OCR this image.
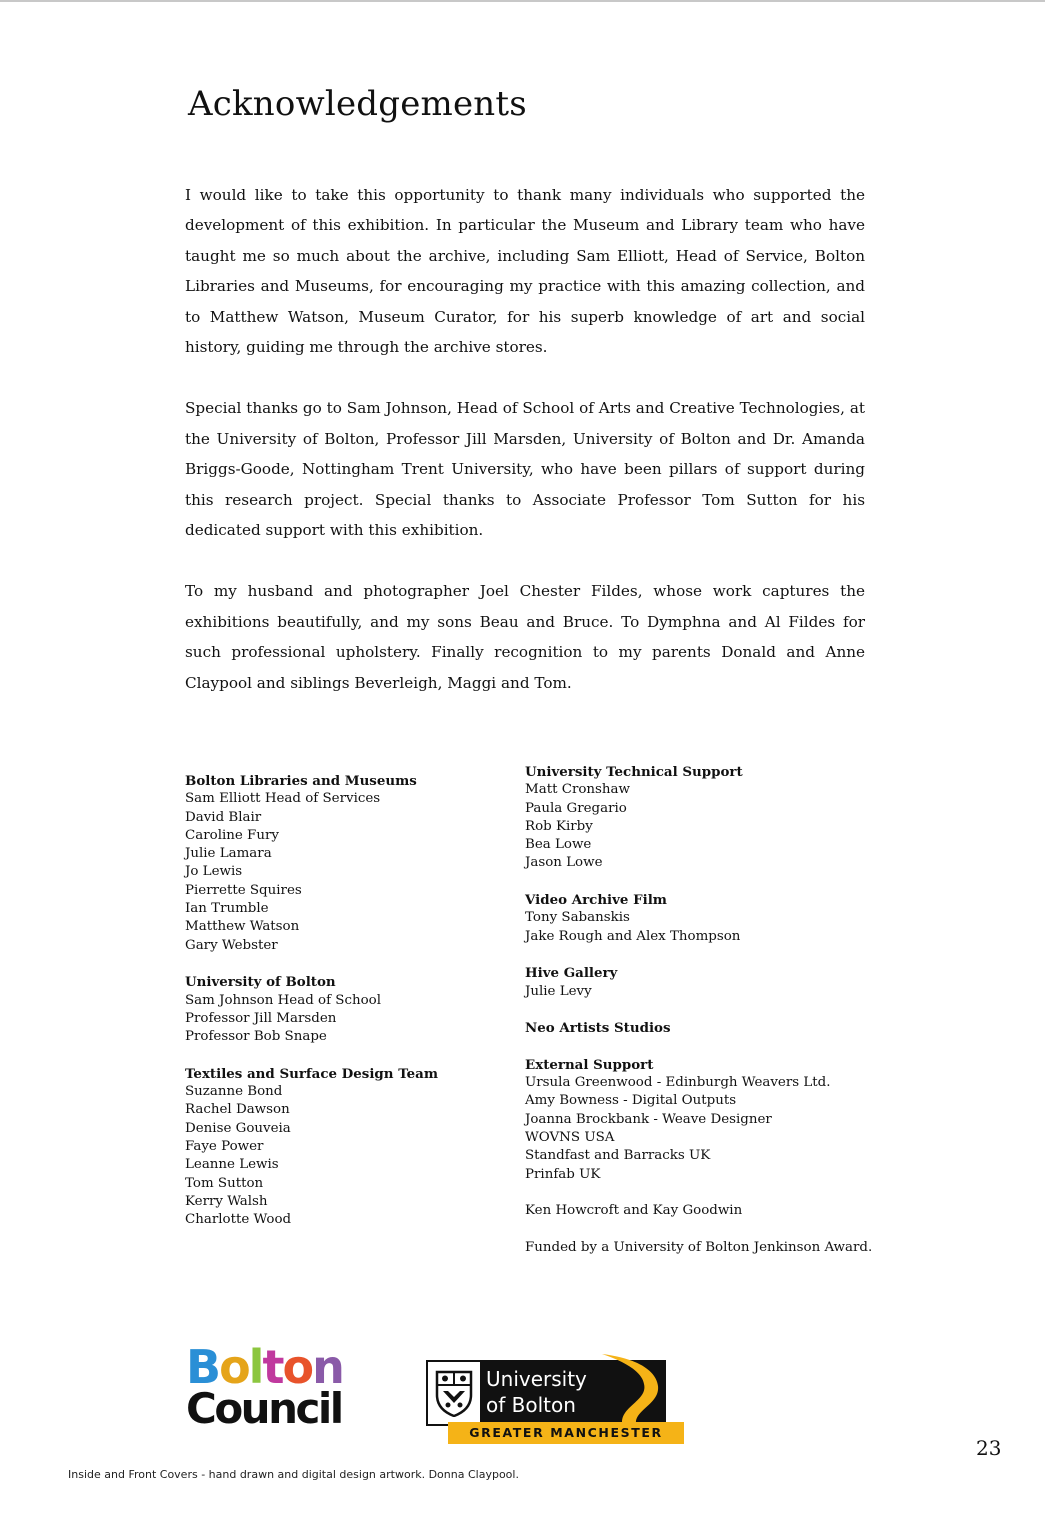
Acknowledgements

I would like to take this opportunity to thank many individuals who supported the development of this exhibition. In particular the Museum and Library team who have taught me so much about the archive, including Sam Elliott, Head of Service, Bolton Libraries and Museums, for encouraging my practice with this amazing collection, and to Matthew Watson, Museum Curator, for his superb knowledge of art and social history, guiding me through the archive stores.

Special thanks go to Sam Johnson, Head of School of Arts and Creative Technologies, at the University of Bolton, Professor Jill Marsden, University of Bolton and Dr. Amanda Briggs-Goode, Nottingham Trent University, who have been pillars of support during this research project. Special thanks to Associate Professor Tom Sutton for his dedicated support with this exhibition.

To my husband and photographer Joel Chester Fildes, whose work captures the exhibitions beautifully, and my sons Beau and Bruce. To Dymphna and Al Fildes for such professional upholstery. Finally recognition to my parents Donald and Anne Claypool and siblings Beverleigh, Maggi and Tom.

Bolton Libraries and Museums
Sam Elliott Head of Services
David Blair
Caroline Fury
Julie Lamara
Jo Lewis
Pierrette Squires
Ian Trumble
Matthew Watson
Gary Webster
University of Bolton
Sam Johnson Head of School
Professor Jill Marsden
Professor Bob Snape
Textiles and Surface Design Team
Suzanne Bond
Rachel Dawson
Denise Gouveia
Faye Power
Leanne Lewis
Tom Sutton
Kerry Walsh
Charlotte Wood
University Technical Support
Matt Cronshaw
Paula Gregario
Rob Kirby
Bea Lowe
Jason Lowe
Video Archive Film
Tony Sabanskis
Jake Rough and Alex Thompson
Hive Gallery
Julie Levy
Neo Artists Studios
External Support
Ursula Greenwood - Edinburgh Weavers Ltd.
Amy Bowness - Digital Outputs
Joanna Brockbank - Weave Designer
WOVNS USA
Standfast and Barracks UK
Prinfab UK
Ken Howcroft and Kay Goodwin
Funded by a University of Bolton Jenkinson Award.
Bolton
Council
University
of Bolton
GREATER MANCHESTER
23
Inside and Front Covers - hand drawn and digital design artwork. Donna Claypool.
